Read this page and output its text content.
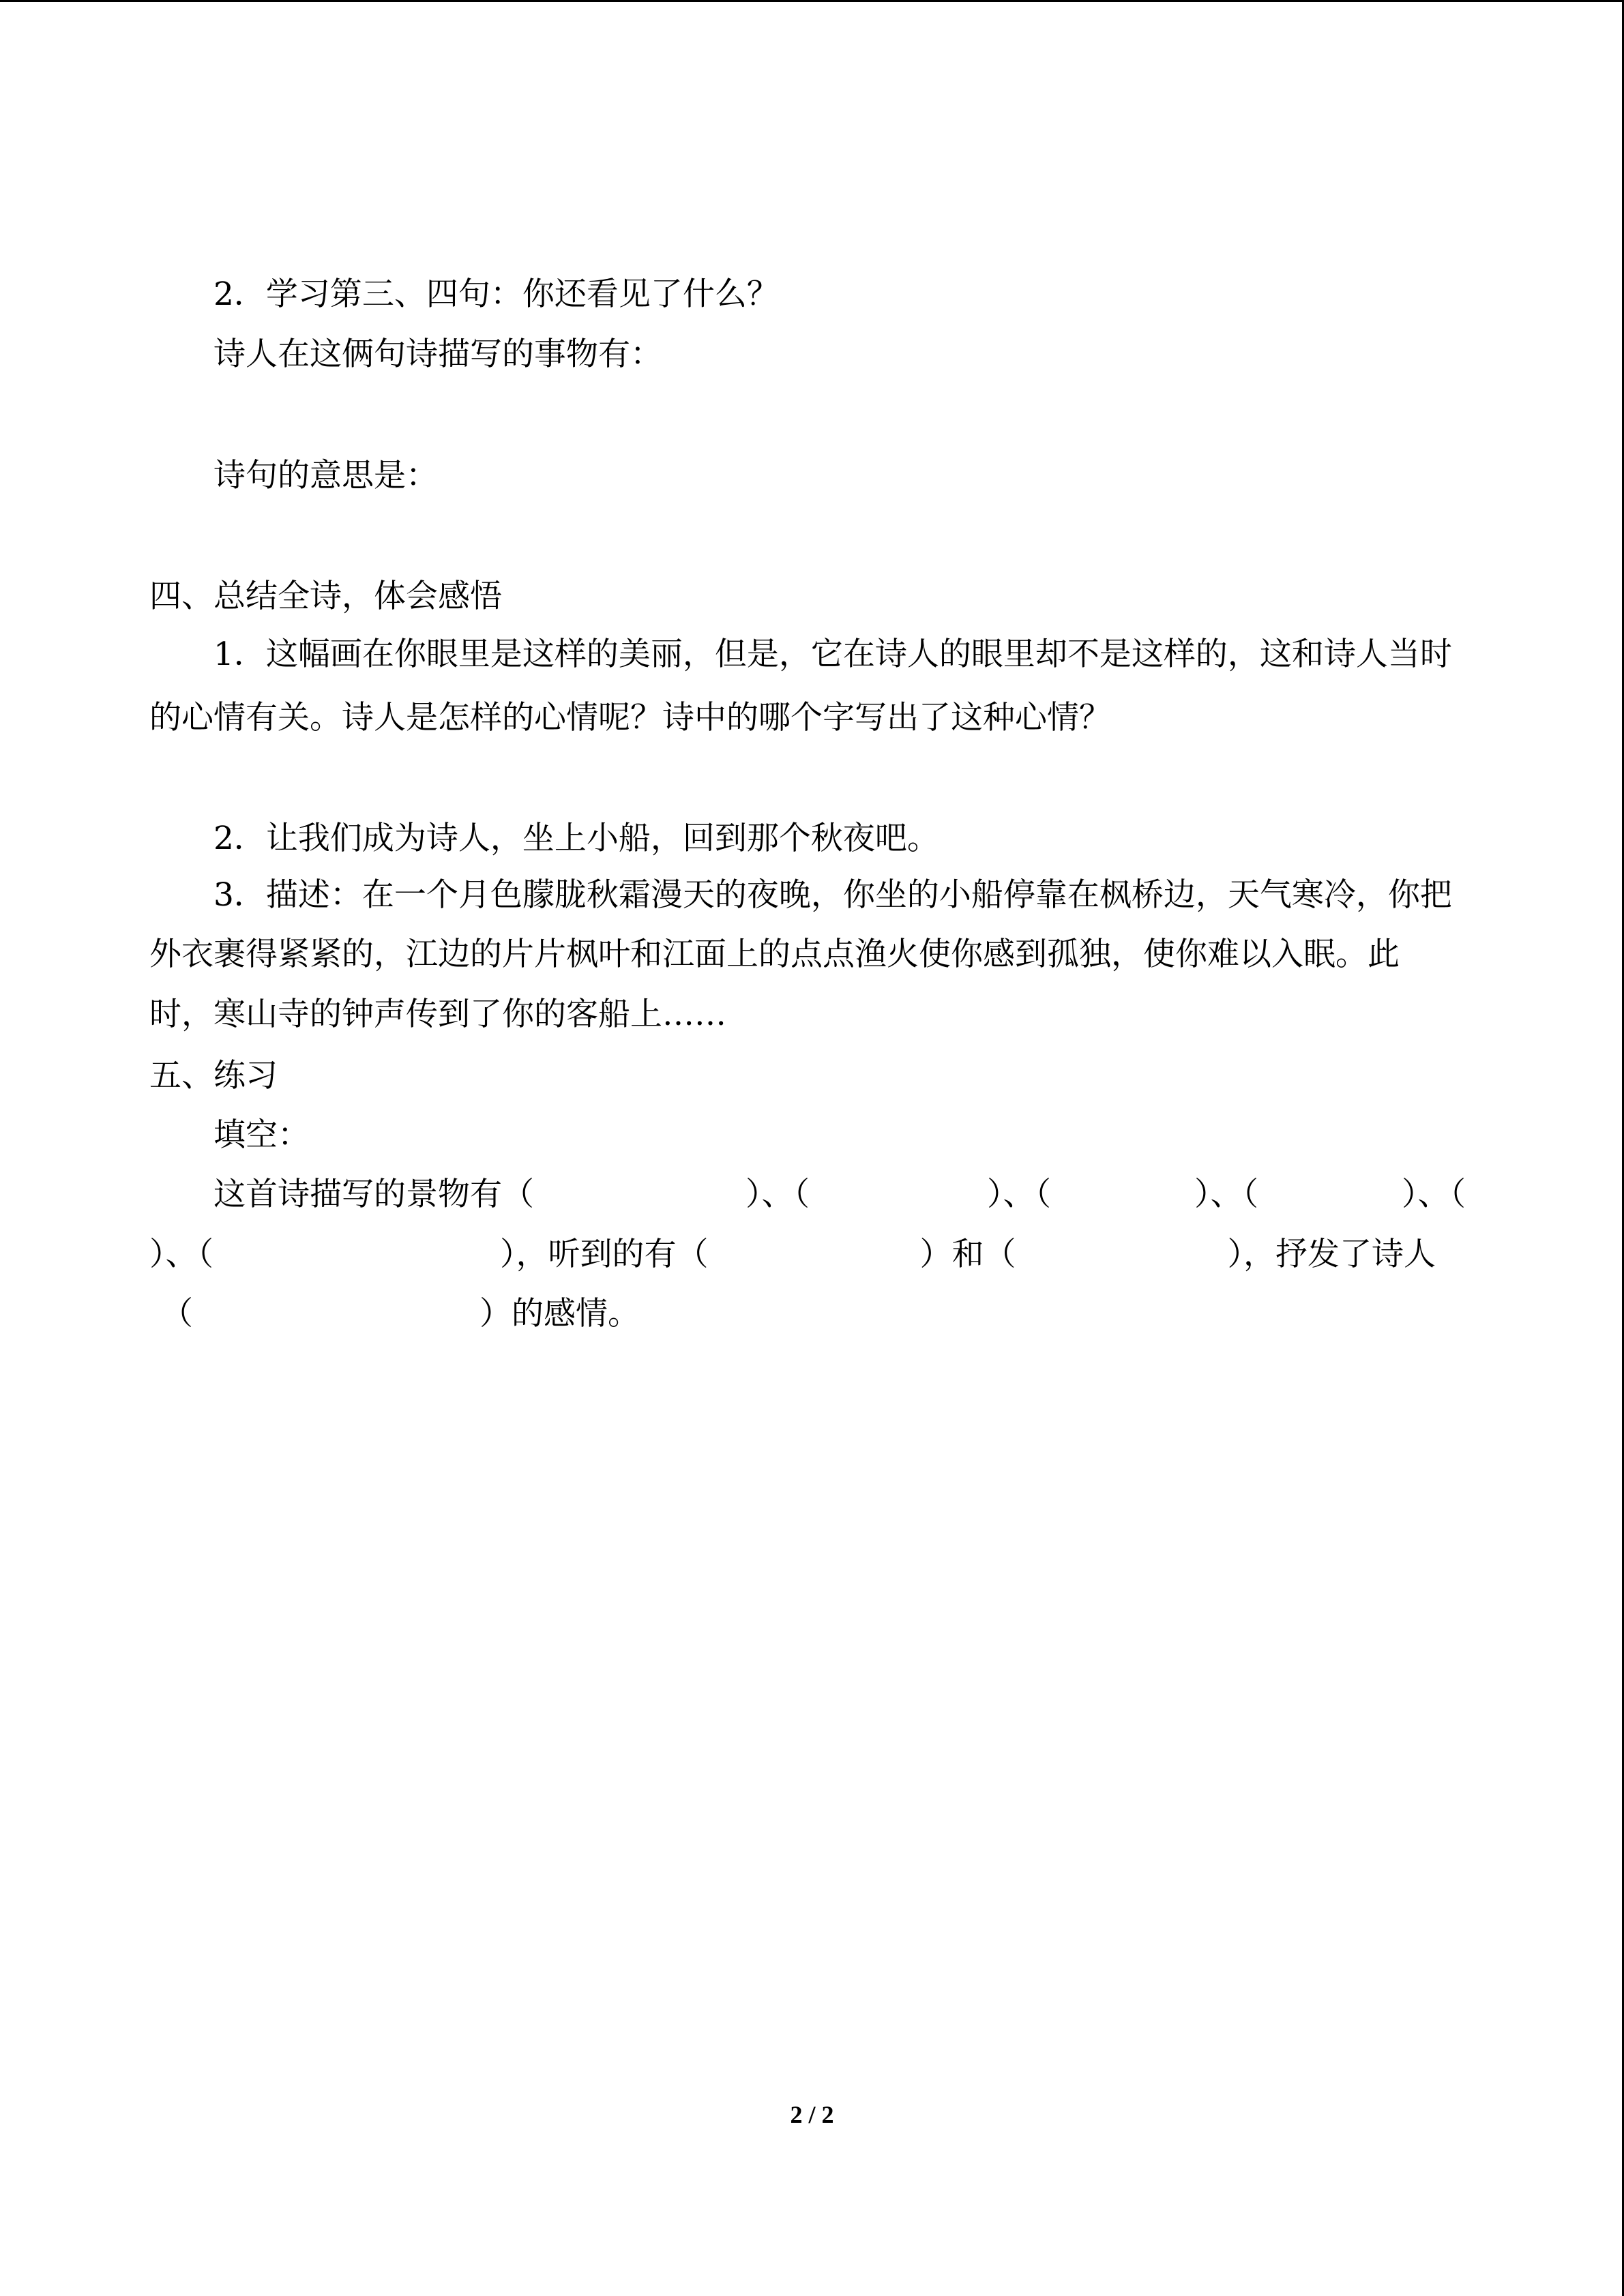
2．学习第三、四句：你还看见了什么？
诗人在这俩句诗描写的事物有：
诗句的意思是：
四、总结全诗，体会感悟
1．这幅画在你眼里是这样的美丽，但是，它在诗人的眼里却不是这样的，这和诗人当时
的心情有关。诗人是怎样的心情呢？诗中的哪个字写出了这种心情？
2．让我们成为诗人，坐上小船，回到那个秋夜吧。
3．描述：在一个月色朦胧秋霜漫天的夜晚，你坐的小船停靠在枫桥边，天气寒冷，你把
外衣裹得紧紧的，江边的片片枫叶和江面上的点点渔火使你感到孤独，使你难以入眠。此
时，寒山寺的钟声传到了你的客船上……
五、练习
填空：
这首诗描写的景物有（	）、（	）、（	）、（	）、（
）、（	），听到的有（	）和（	），抒发了诗人
（	）的感情。
2 / 2
